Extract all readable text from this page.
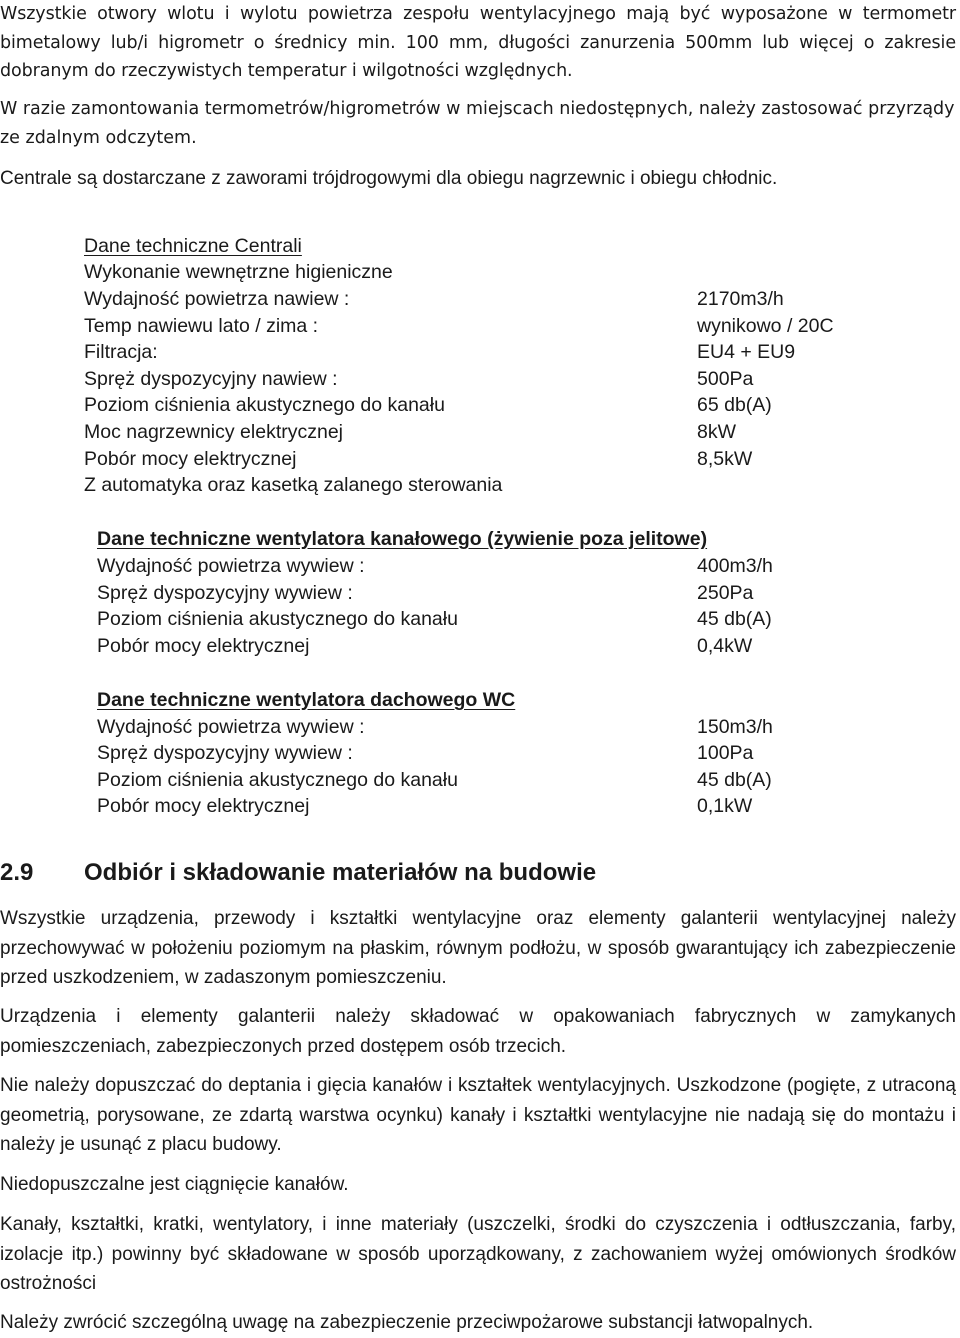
Wszystkie otwory wlotu i wylotu powietrza zespołu wentylacyjnego mają być wyposażone w termometr bimetalowy lub/i higrometr o średnicy min. 100 mm, długości zanurzenia 500mm lub więcej o zakresie dobranym do rzeczywistych temperatur i wilgotności względnych.

W razie zamontowania termometrów/higrometrów w miejscach niedostępnych, należy zastosować przyrządy ze zdalnym odczytem.

Centrale są dostarczane z zaworami trójdrogowymi dla obiegu nagrzewnic i obiegu chłodnic.

Dane techniczne Centrali
Wykonanie wewnętrzne higieniczne
Wydajność powietrza nawiew :	2170m3/h
Temp nawiewu lato / zima :	wynikowo / 20C
Filtracja:	EU4 + EU9
Spręż dyspozycyjny nawiew :	500Pa
Poziom ciśnienia akustycznego do kanału	65 db(A)
Moc nagrzewnicy elektrycznej	8kW
Pobór mocy elektrycznej	8,5kW
Z automatyka oraz kasetką zalanego sterowania
Dane techniczne wentylatora kanałowego (żywienie poza jelitowe)
Wydajność powietrza wywiew :	400m3/h
Spręż dyspozycyjny wywiew :	250Pa
Poziom ciśnienia akustycznego do kanału	45 db(A)
Pobór mocy elektrycznej	0,4kW
Dane techniczne wentylatora dachowego WC
Wydajność powietrza wywiew :	150m3/h
Spręż dyspozycyjny wywiew :	100Pa
Poziom ciśnienia akustycznego do kanału	45 db(A)
Pobór mocy elektrycznej	0,1kW
2.9 Odbiór i składowanie materiałów na budowie

Wszystkie urządzenia, przewody i kształtki wentylacyjne oraz elementy galanterii wentylacyjnej należy przechowywać w położeniu poziomym na płaskim, równym podłożu, w sposób gwarantujący ich zabezpieczenie przed uszkodzeniem, w zadaszonym pomieszczeniu.

Urządzenia i elementy galanterii należy składować w opakowaniach fabrycznych w zamykanych pomieszczeniach, zabezpieczonych przed dostępem osób trzecich.

Nie należy dopuszczać do deptania i gięcia kanałów i kształtek wentylacyjnych. Uszkodzone (pogięte, z utraconą geometrią, porysowane, ze zdartą warstwa ocynku) kanały i kształtki wentylacyjne nie nadają się do montażu i należy je usunąć z placu budowy.

Niedopuszczalne jest ciągnięcie kanałów.

Kanały, kształtki, kratki, wentylatory, i inne materiały (uszczelki, środki do czyszczenia i odtłuszczania, farby, izolacje itp.) powinny być składowane w sposób uporządkowany, z zachowaniem wyżej omówionych środków ostrożności

Należy zwrócić szczególną uwagę na zabezpieczenie przeciwpożarowe substancji łatwopalnych.
